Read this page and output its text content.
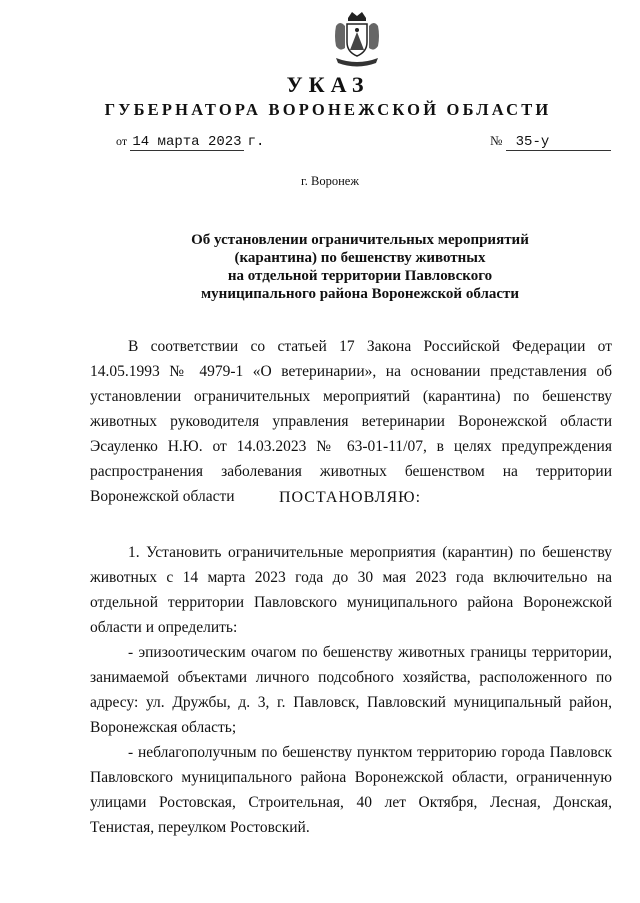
УКАЗ
ГУБЕРНАТОРА ВОРОНЕЖСКОЙ ОБЛАСТИ
от 14 марта 2023 г.	№ 35-у
г. Воронеж
Об установлении ограничительных мероприятий
(карантина) по бешенству животных
на отдельной территории Павловского
муниципального района Воронежской области

В соответствии со статьей 17 Закона Российской Федерации от 14.05.1993 № 4979-1 «О ветеринарии», на основании представления об установлении ограничительных мероприятий (карантина) по бешенству животных руководителя управления ветеринарии Воронежской области Эсауленко Н.Ю. от 14.03.2023 № 63-01-11/07, в целях предупреждения распространения заболевания животных бешенством на территории Воронежской области	ПОСТАНОВЛЯЮ:

1. Установить ограничительные мероприятия (карантин) по бешенству животных с 14 марта 2023 года до 30 мая 2023 года включительно на отдельной территории Павловского муниципального района Воронежской области и определить:

- эпизоотическим очагом по бешенству животных границы территории, занимаемой объектами личного подсобного хозяйства, расположенного по адресу: ул. Дружбы, д. 3, г. Павловск, Павловский муниципальный район, Воронежская область;

- неблагополучным по бешенству пунктом территорию города Павловск Павловского муниципального района Воронежской области, ограниченную улицами Ростовская, Строительная, 40 лет Октября, Лесная, Донская, Тенистая, переулком Ростовский.
